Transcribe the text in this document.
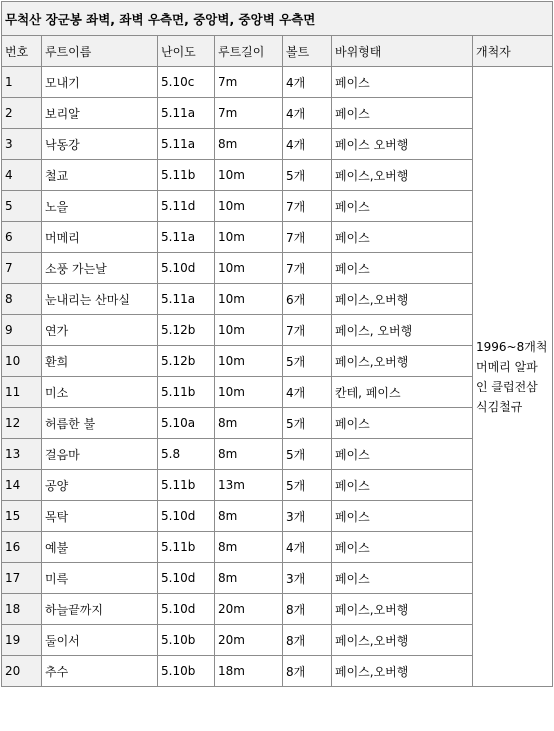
무척산 장군봉 좌벽, 좌벽 우측면, 중앙벽, 중앙벽 우측면						
번호	루트이름	난이도	루트길이	볼트	바위형태	개척자
1	모내기	5.10c	7m	4개	페이스	1996~8개척
머메리 알파
인 클럽전삼
식김철규

2	보리알	5.11a	7m	4개	페이스	
3	낙동강	5.11a	8m	4개	페이스 오버행	
4	철교	5.11b	10m	5개	페이스,오버행	
5	노을	5.11d	10m	7개	페이스	
6	머메리	5.11a	10m	7개	페이스	
7	소풍 가는날	5.10d	10m	7개	페이스	
8	눈내리는 산마실	5.11a	10m	6개	페이스,오버행	
9	연가	5.12b	10m	7개	페이스, 오버행	
10	환희	5.12b	10m	5개	페이스,오버행	
11	미소	5.11b	10m	4개	칸테, 페이스	
12	허름한 불	5.10a	8m	5개	페이스	
13	걸음마	5.8	8m	5개	페이스	
14	공양	5.11b	13m	5개	페이스	
15	목탁	5.10d	8m	3개	페이스	
16	예불	5.11b	8m	4개	페이스	
17	미륵	5.10d	8m	3개	페이스	
18	하늘끝까지	5.10d	20m	8개	페이스,오버행	
19	둘이서	5.10b	20m	8개	페이스,오버행	
20	추수	5.10b	18m	8개	페이스,오버행	
